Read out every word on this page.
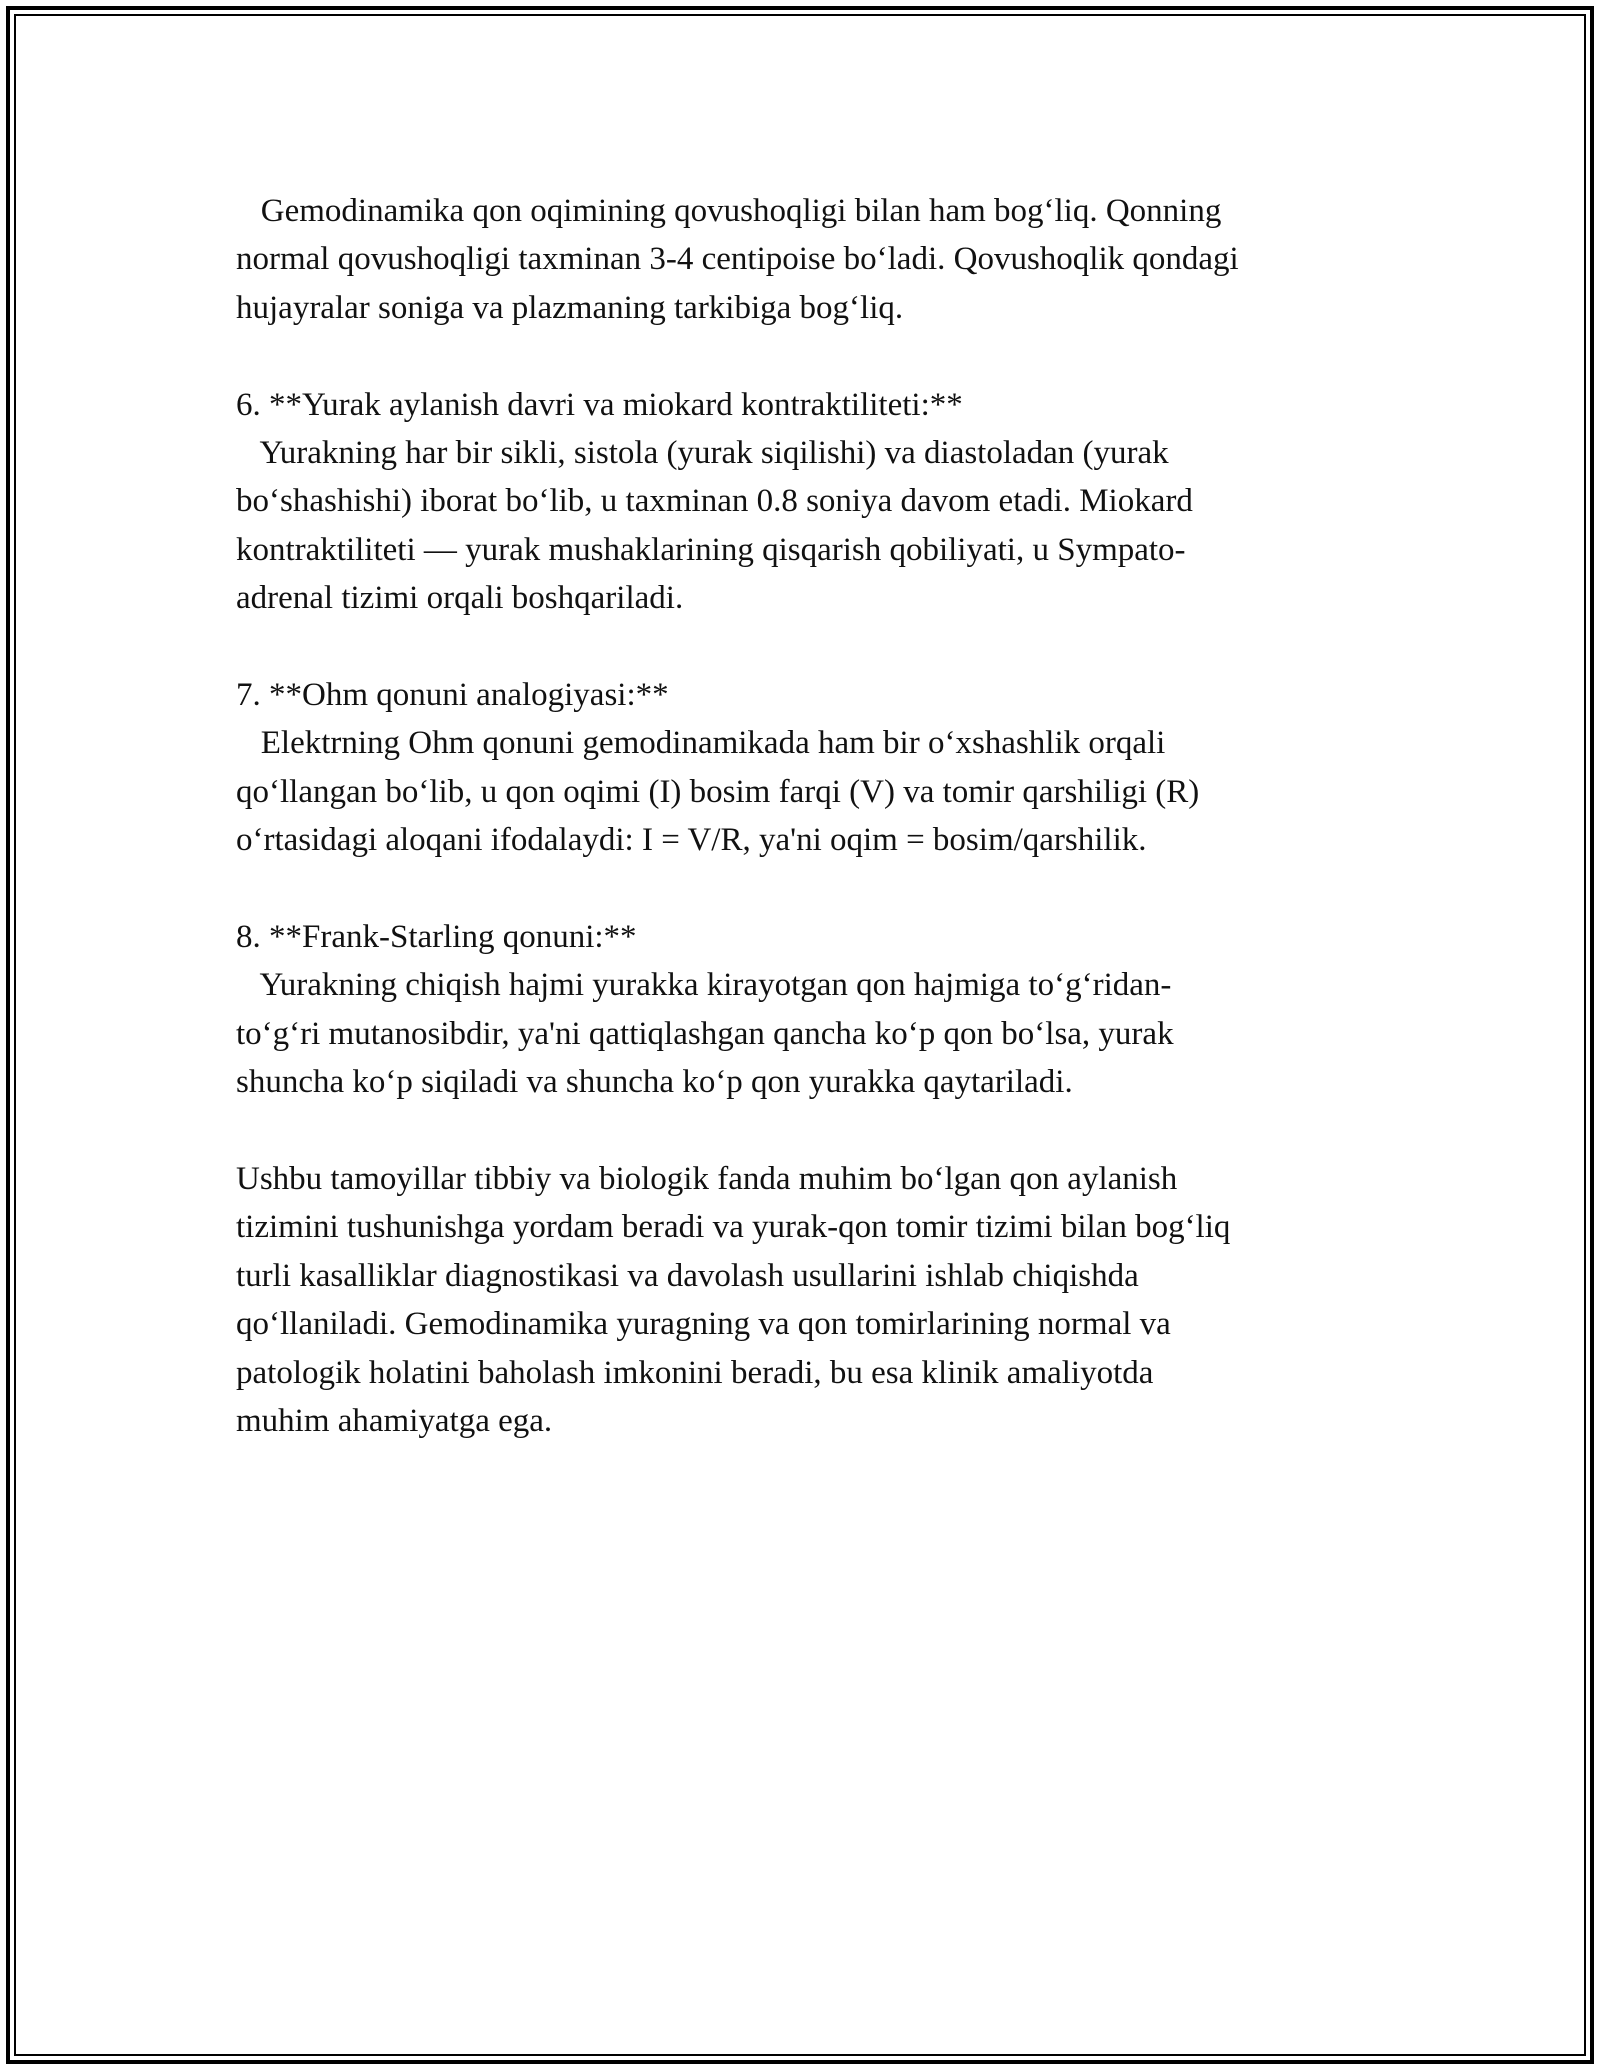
Gemodinamika qon oqimining qovushoqligi bilan ham bog‘liq. Qonning
normal qovushoqligi taxminan 3-4 centipoise bo‘ladi. Qovushoqlik qondagi
hujayralar soniga va plazmaning tarkibiga bog‘liq.
6. **Yurak aylanish davri va miokard kontraktiliteti:**
Yurakning har bir sikli, sistola (yurak siqilishi) va diastoladan (yurak
bo‘shashishi) iborat bo‘lib, u taxminan 0.8 soniya davom etadi. Miokard
kontraktiliteti — yurak mushaklarining qisqarish qobiliyati, u Sympato-
adrenal tizimi orqali boshqariladi.
7. **Ohm qonuni analogiyasi:**
Elektrning Ohm qonuni gemodinamikada ham bir o‘xshashlik orqali
qo‘llangan bo‘lib, u qon oqimi (I) bosim farqi (V) va tomir qarshiligi (R)
o‘rtasidagi aloqani ifodalaydi: I = V/R, ya'ni oqim = bosim/qarshilik.
8. **Frank-Starling qonuni:**
Yurakning chiqish hajmi yurakka kirayotgan qon hajmiga to‘g‘ridan-
to‘g‘ri mutanosibdir, ya'ni qattiqlashgan qancha ko‘p qon bo‘lsa, yurak
shuncha ko‘p siqiladi va shuncha ko‘p qon yurakka qaytariladi.
Ushbu tamoyillar tibbiy va biologik fanda muhim bo‘lgan qon aylanish
tizimini tushunishga yordam beradi va yurak-qon tomir tizimi bilan bog‘liq
turli kasalliklar diagnostikasi va davolash usullarini ishlab chiqishda
qo‘llaniladi. Gemodinamika yuragning va qon tomirlarining normal va
patologik holatini baholash imkonini beradi, bu esa klinik amaliyotda
muhim ahamiyatga ega.
